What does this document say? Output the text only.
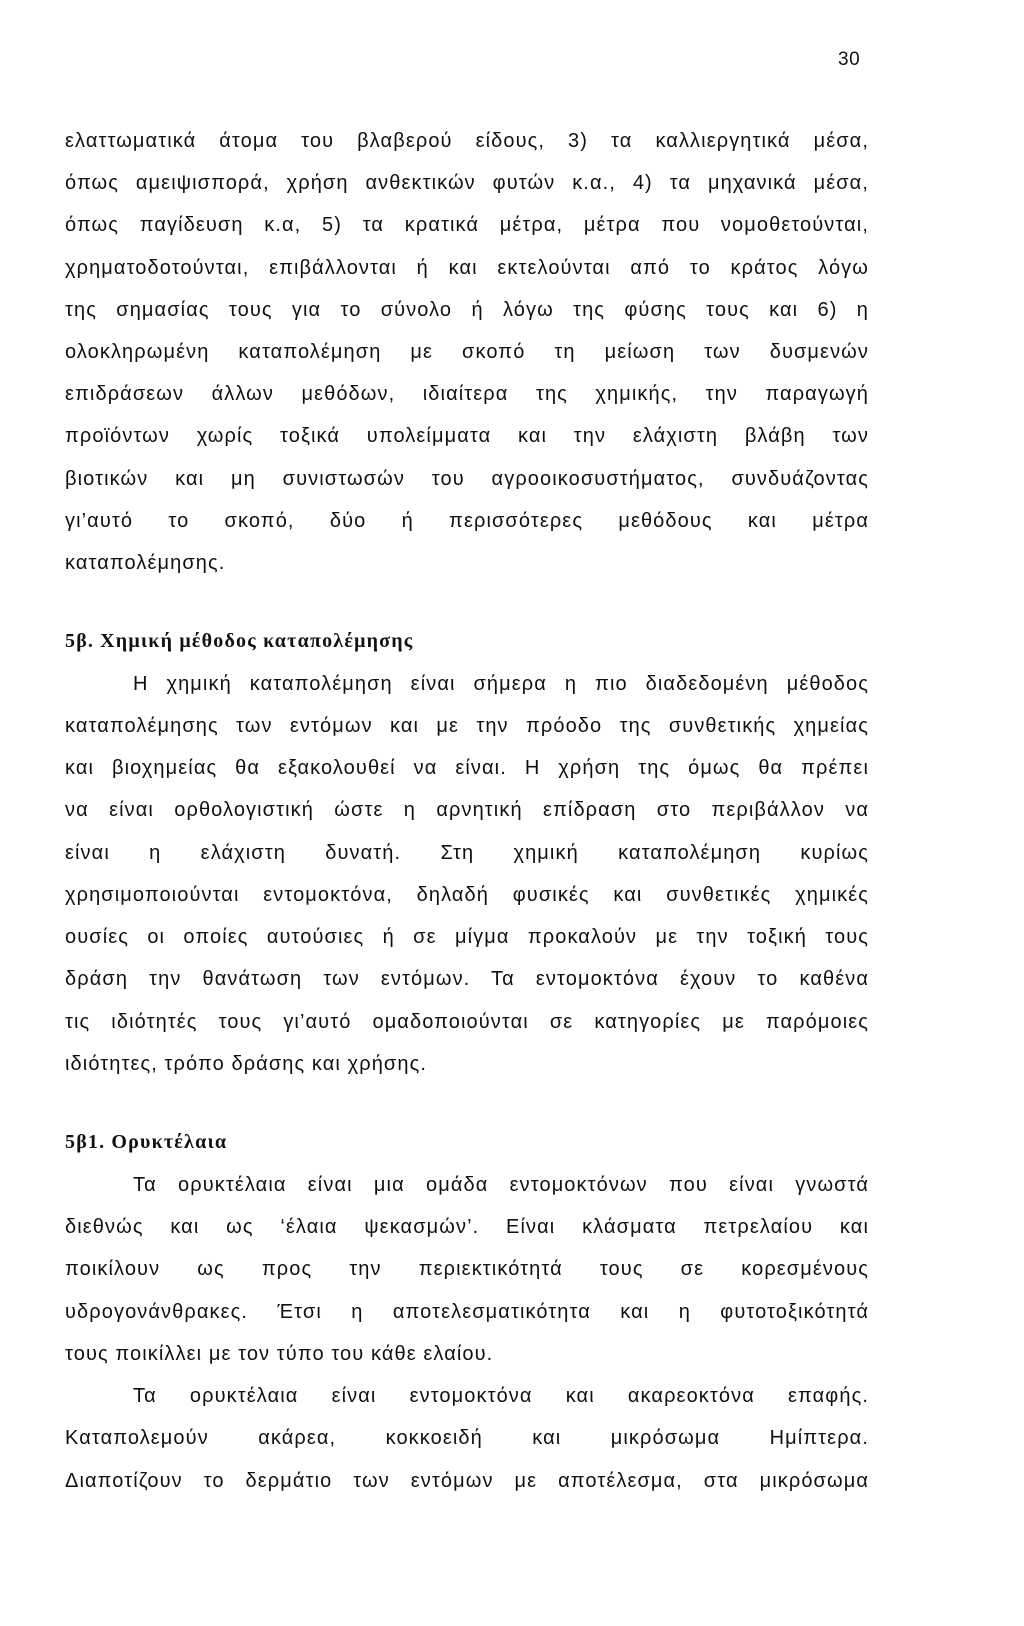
30
ελαττωματικά άτομα του βλαβερού είδους, 3) τα καλλιεργητικά μέσα,
όπως αμειψισπορά, χρήση ανθεκτικών φυτών κ.α., 4) τα μηχανικά μέσα,
όπως παγίδευση κ.α, 5) τα κρατικά μέτρα, μέτρα που νομοθετούνται,
χρηματοδοτούνται, επιβάλλονται ή και εκτελούνται από το κράτος λόγω
της σημασίας τους για το σύνολο ή λόγω της φύσης τους και 6) η
ολοκληρωμένη καταπολέμηση με σκοπό τη μείωση των δυσμενών
επιδράσεων άλλων μεθόδων, ιδιαίτερα της χημικής, την παραγωγή
προϊόντων χωρίς τοξικά υπολείμματα και την ελάχιστη βλάβη των
βιοτικών και μη συνιστωσών του αγροοικοσυστήματος, συνδυάζοντας
γι’αυτό το σκοπό, δύο ή περισσότερες μεθόδους και μέτρα
καταπολέμησης.
5β. Χημική μέθοδος καταπολέμησης
Η χημική καταπολέμηση είναι σήμερα η πιο διαδεδομένη μέθοδος
καταπολέμησης των εντόμων και με την πρόοδο της συνθετικής χημείας
και βιοχημείας θα εξακολουθεί να είναι. Η χρήση της όμως θα πρέπει
να είναι ορθολογιστική ώστε η αρνητική επίδραση στο περιβάλλον να
είναι η ελάχιστη δυνατή. Στη χημική καταπολέμηση κυρίως
χρησιμοποιούνται εντομοκτόνα, δηλαδή φυσικές και συνθετικές χημικές
ουσίες οι οποίες αυτούσιες ή σε μίγμα προκαλούν με την τοξική τους
δράση την θανάτωση των εντόμων. Τα εντομοκτόνα έχουν το καθένα
τις ιδιότητές τους γι’αυτό ομαδοποιούνται σε κατηγορίες με παρόμοιες
ιδιότητες, τρόπο δράσης και χρήσης.
5β1. Ορυκτέλαια
Τα ορυκτέλαια είναι μια ομάδα εντομοκτόνων που είναι γνωστά
διεθνώς και ως ‘έλαια ψεκασμών’. Είναι κλάσματα πετρελαίου και
ποικίλουν ως προς την περιεκτικότητά τους σε κορεσμένους
υδρογονάνθρακες. Έτσι η αποτελεσματικότητα και η φυτοτοξικότητά
τους ποικίλλει με τον τύπο του κάθε ελαίου.
Τα ορυκτέλαια είναι εντομοκτόνα και ακαρεοκτόνα επαφής.
Καταπολεμούν ακάρεα, κοκκοειδή και μικρόσωμα Ημίπτερα.
Διαποτίζουν το δερμάτιο των εντόμων με αποτέλεσμα, στα μικρόσωμα
